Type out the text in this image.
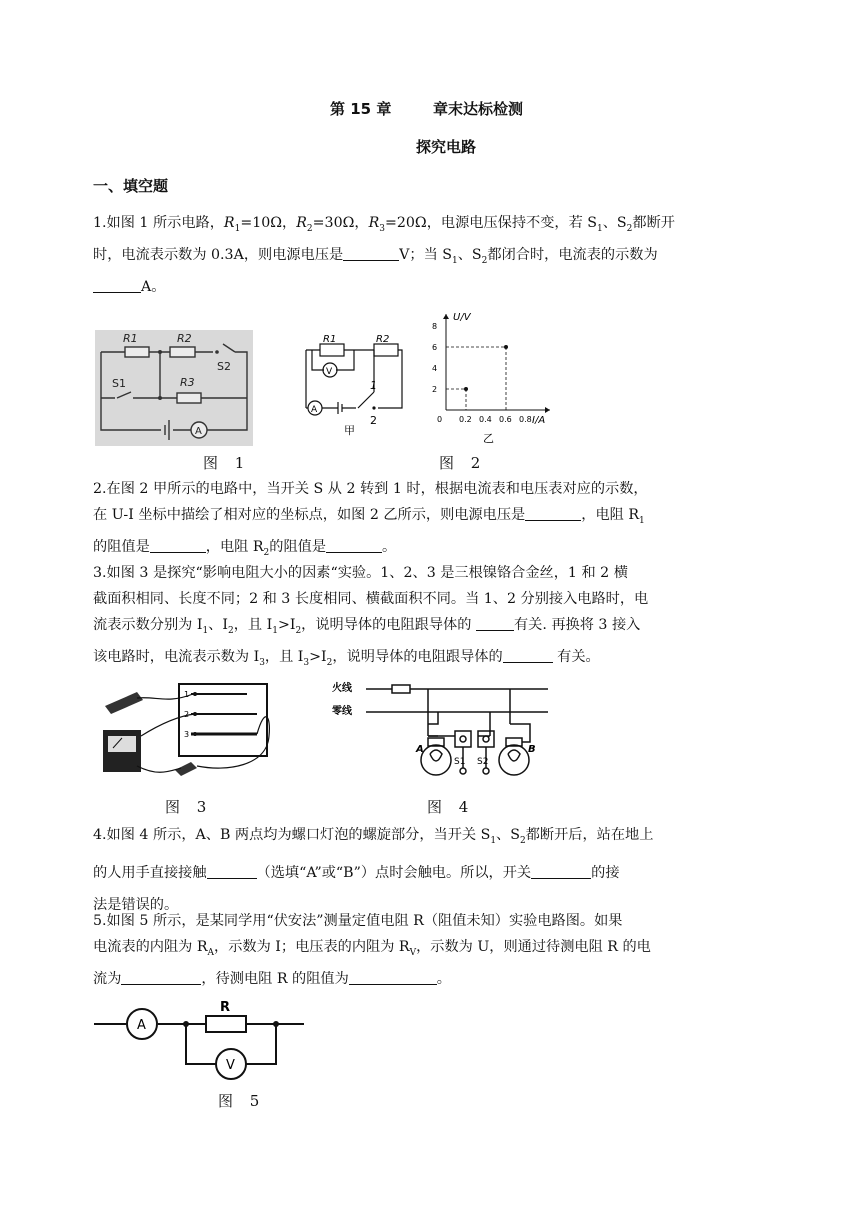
第 15 章	章末达标检测
探究电路
一、填空题

1.如图 1 所示电路，$R_1=10\Omega$，$R_2=30\Omega$，$R_3=20\Omega$，电源电压保持不变，若 $S_1$、$S_2$都断开

时，电流表示数为 0.3A，则电源电压是	V；当 $S_1$、$S_2$都闭合时，电流表的示数为

A。

R1	R2
R3
S1
S2
A
R1	R2
V
A
1
2
甲
U/V
I/A
乙
2
4
6
8
0 0.2 0.4 0.6 0.8
图 1	图 2

2.在图 2 甲所示的电路中，当开关 S 从 2 转到 1 时，根据电流表和电压表对应的示数，

在 U-I 坐标中描绘了相对应的坐标点，如图 2 乙所示，则电源电压是	，电阻 $R_1$

的阻值是	，电阻 $R_2$的阻值是	。

3.如图 3 是探究“影响电阻大小的因素“实验。1、2、3 是三根镍铬合金丝，1 和 2 横

截面积相同、长度不同；2 和 3 长度相同、横截面积不同。当 1、2 分别接入电路时，电

流表示数分别为 $I_1$、$I_2$，且 $I_1>I_2$，说明导体的电阻跟导体的	有关. 再换将 3 接入

该电路时，电流表示数为 $I_3$，且 $I_3>I_2$，说明导体的电阻跟导体的	有关。

1
2
3
火线
零线
A	B
S1 S2
图 3	图 4

4.如图 4 所示，A、B 两点均为螺口灯泡的螺旋部分，当开关 $S_1$、$S_2$都断开后，站在地上

的人用手直接接触	（选填“A”或“B”）点时会触电。所以，开关	的接

法是错误的。

5.如图 5 所示，是某同学用“伏安法”测量定值电阻 R（阻值未知）实验电路图。如果

电流表的内阻为 $R_A$，示数为 I；电压表的内阻为 $R_V$，示数为 U，则通过待测电阻 R 的电

流为	，待测电阻 R 的阻值为	。

A
R
V
图 5
